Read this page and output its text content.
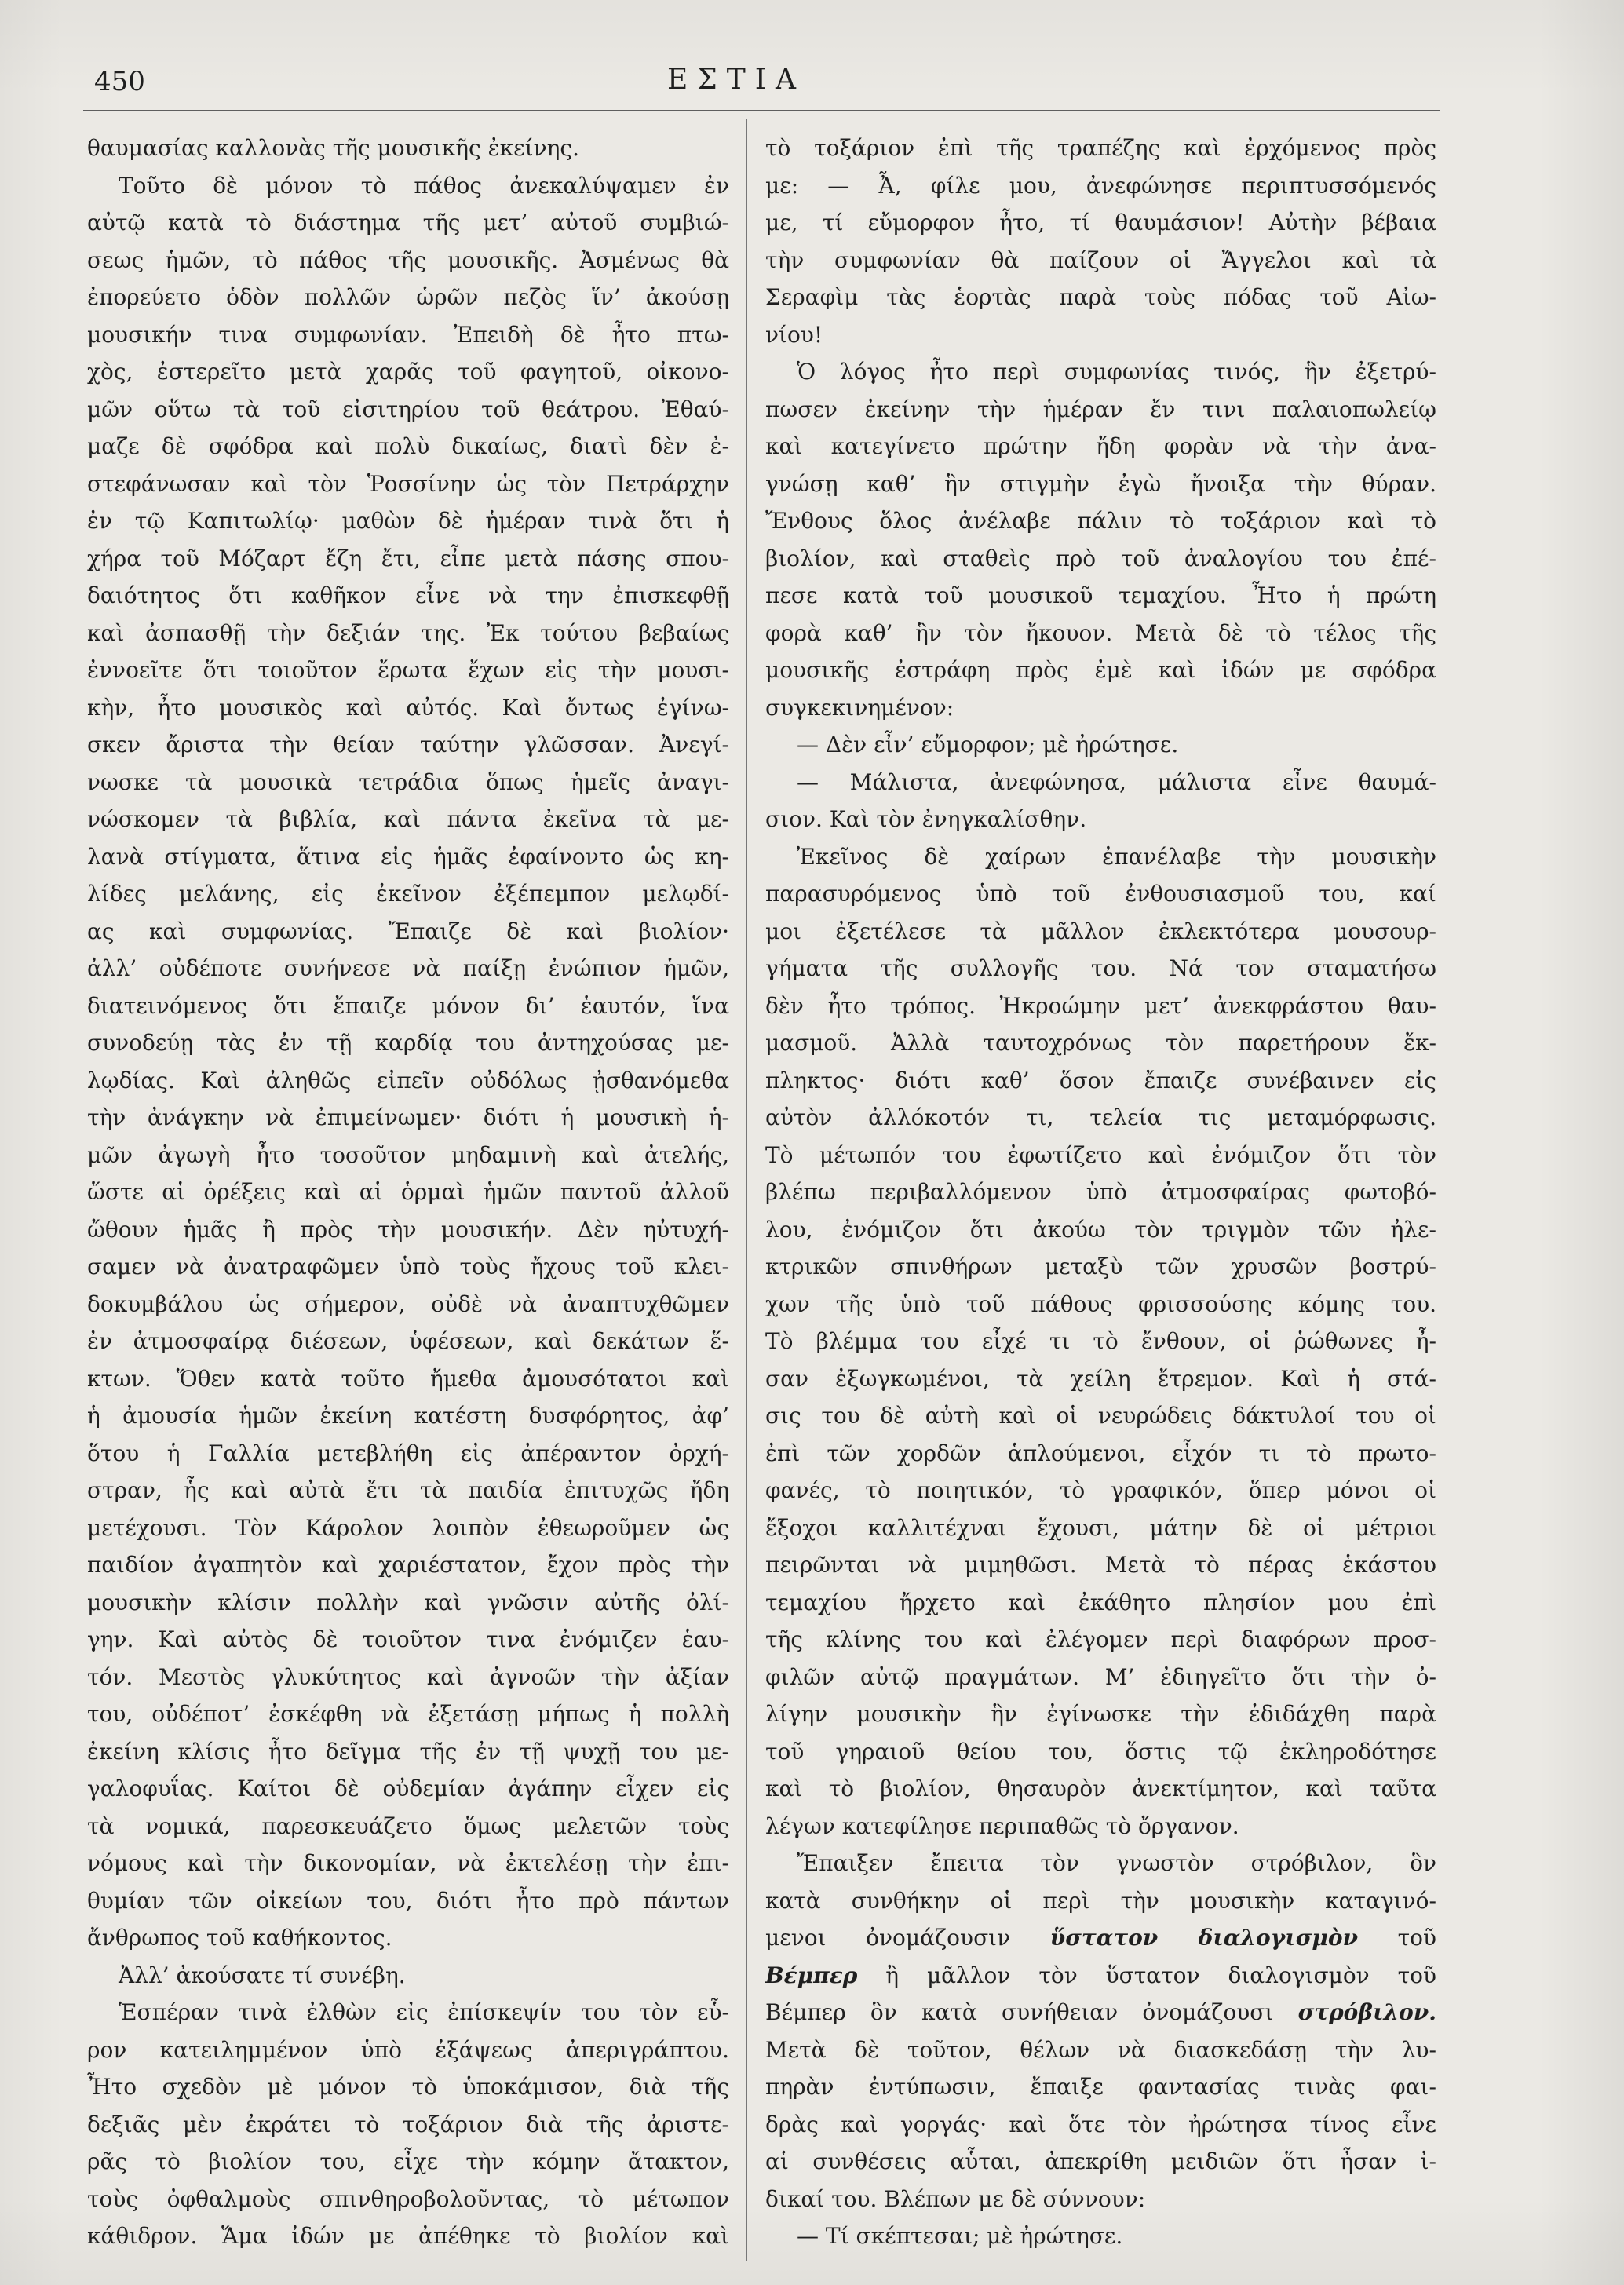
450	ΕΣΤΙΑ
θαυμασίας καλλονὰς τῆς μουσικῆς ἐκείνης.
Τοῦτο δὲ μόνον τὸ πάθος ἀνεκαλύψαμεν ἐν
αὐτῷ κατὰ τὸ διάστημα τῆς μετ’ αὐτοῦ συμβιώ-
σεως ἡμῶν, τὸ πάθος τῆς μουσικῆς. Ἀσμένως θὰ
ἐπορεύετο ὁδὸν πολλῶν ὡρῶν πεζὸς ἵν’ ἀκούσῃ
μουσικήν τινα συμφωνίαν. Ἐπειδὴ δὲ ἦτο πτω-
χὸς, ἐστερεῖτο μετὰ χαρᾶς τοῦ φαγητοῦ, οἰκονο-
μῶν οὕτω τὰ τοῦ εἰσιτηρίου τοῦ θεάτρου. Ἐθαύ-
μαζε δὲ σφόδρα καὶ πολὺ δικαίως, διατὶ δὲν ἐ-
στεφάνωσαν καὶ τὸν Ῥοσσίνην ὡς τὸν Πετράρχην
ἐν τῷ Καπιτωλίῳ· μαθὼν δὲ ἡμέραν τινὰ ὅτι ἡ
χήρα τοῦ Μόζαρτ ἔζη ἔτι, εἶπε μετὰ πάσης σπου-
δαιότητος ὅτι καθῆκον εἶνε νὰ την ἐπισκεφθῇ
καὶ ἀσπασθῇ τὴν δεξιάν της. Ἐκ τούτου βεβαίως
ἐννοεῖτε ὅτι τοιοῦτον ἔρωτα ἔχων εἰς τὴν μουσι-
κὴν, ἦτο μουσικὸς καὶ αὐτός. Καὶ ὄντως ἐγίνω-
σκεν ἄριστα τὴν θείαν ταύτην γλῶσσαν. Ἀνεγί-
νωσκε τὰ μουσικὰ τετράδια ὅπως ἡμεῖς ἀναγι-
νώσκομεν τὰ βιβλία, καὶ πάντα ἐκεῖνα τὰ με-
λανὰ στίγματα, ἅτινα εἰς ἡμᾶς ἐφαίνοντο ὡς κη-
λίδες μελάνης, εἰς ἐκεῖνον ἐξέπεμπον μελῳδί-
ας καὶ συμφωνίας. Ἔπαιζε δὲ καὶ βιολίον·
ἀλλ’ οὐδέποτε συνήνεσε νὰ παίξῃ ἐνώπιον ἡμῶν,
διατεινόμενος ὅτι ἔπαιζε μόνον δι’ ἑαυτόν, ἵνα
συνοδεύῃ τὰς ἐν τῇ καρδίᾳ του ἀντηχούσας με-
λῳδίας. Καὶ ἀληθῶς εἰπεῖν οὐδόλως ᾐσθανόμεθα
τὴν ἀνάγκην νὰ ἐπιμείνωμεν· διότι ἡ μουσικὴ ἡ-
μῶν ἀγωγὴ ἦτο τοσοῦτον μηδαμινὴ καὶ ἀτελής,
ὥστε αἱ ὀρέξεις καὶ αἱ ὁρμαὶ ἡμῶν παντοῦ ἀλλοῦ
ὤθουν ἡμᾶς ἢ πρὸς τὴν μουσικήν. Δὲν ηὐτυχή-
σαμεν νὰ ἀνατραφῶμεν ὑπὸ τοὺς ἤχους τοῦ κλει-
δοκυμβάλου ὡς σήμερον, οὐδὲ νὰ ἀναπτυχθῶμεν
ἐν ἀτμοσφαίρᾳ διέσεων, ὑφέσεων, καὶ δεκάτων ἕ-
κτων. Ὅθεν κατὰ τοῦτο ἤμεθα ἀμουσότατοι καὶ
ἡ ἀμουσία ἡμῶν ἐκείνη κατέστη δυσφόρητος, ἀφ’
ὅτου ἡ Γαλλία μετεβλήθη εἰς ἀπέραντον ὀρχή-
στραν, ἧς καὶ αὐτὰ ἔτι τὰ παιδία ἐπιτυχῶς ἤδη
μετέχουσι. Τὸν Κάρολον λοιπὸν ἐθεωροῦμεν ὡς
παιδίον ἀγαπητὸν καὶ χαριέστατον, ἔχον πρὸς τὴν
μουσικὴν κλίσιν πολλὴν καὶ γνῶσιν αὐτῆς ὀλί-
γην. Καὶ αὐτὸς δὲ τοιοῦτον τινα ἐνόμιζεν ἑαυ-
τόν. Μεστὸς γλυκύτητος καὶ ἀγνοῶν τὴν ἀξίαν
του, οὐδέποτ’ ἐσκέφθη νὰ ἐξετάσῃ μήπως ἡ πολλὴ
ἐκείνη κλίσις ἦτο δεῖγμα τῆς ἐν τῇ ψυχῇ του με-
γαλοφυΐας. Καίτοι δὲ οὐδεμίαν ἀγάπην εἶχεν εἰς
τὰ νομικά, παρεσκευάζετο ὅμως μελετῶν τοὺς
νόμους καὶ τὴν δικονομίαν, νὰ ἐκτελέσῃ τὴν ἐπι-
θυμίαν τῶν οἰκείων του, διότι ἦτο πρὸ πάντων
ἄνθρωπος τοῦ καθήκοντος.
Ἀλλ’ ἀκούσατε τί συνέβη.
Ἑσπέραν τινὰ ἐλθὼν εἰς ἐπίσκεψίν του τὸν εὗ-
ρον κατειλημμένον ὑπὸ ἐξάψεως ἀπεριγράπτου.
Ἦτο σχεδὸν μὲ μόνον τὸ ὑποκάμισον, διὰ τῆς
δεξιᾶς μὲν ἐκράτει τὸ τοξάριον διὰ τῆς ἀριστε-
ρᾶς τὸ βιολίον του, εἶχε τὴν κόμην ἄτακτον,
τοὺς ὀφθαλμοὺς σπινθηροβολοῦντας, τὸ μέτωπον
κάθιδρον. Ἅμα ἰδών με ἀπέθηκε τὸ βιολίον καὶ
τὸ τοξάριον ἐπὶ τῆς τραπέζης καὶ ἐρχόμενος πρὸς
με: — Ἆ, φίλε μου, ἀνεφώνησε περιπτυσσόμενός
με, τί εὔμορφον ἦτο, τί θαυμάσιον! Αὐτὴν βέβαια
τὴν συμφωνίαν θὰ παίζουν οἱ Ἄγγελοι καὶ τὰ
Σεραφὶμ τὰς ἑορτὰς παρὰ τοὺς πόδας τοῦ Αἰω-
νίου!
Ὁ λόγος ἦτο περὶ συμφωνίας τινός, ἣν ἐξετρύ-
πωσεν ἐκείνην τὴν ἡμέραν ἔν τινι παλαιοπωλείῳ
καὶ κατεγίνετο πρώτην ἤδη φορὰν νὰ τὴν ἀνα-
γνώσῃ καθ’ ἣν στιγμὴν ἐγὼ ἤνοιξα τὴν θύραν.
Ἔνθους ὅλος ἀνέλαβε πάλιν τὸ τοξάριον καὶ τὸ
βιολίον, καὶ σταθεὶς πρὸ τοῦ ἀναλογίου του ἐπέ-
πεσε κατὰ τοῦ μουσικοῦ τεμαχίου. Ἦτο ἡ πρώτη
φορὰ καθ’ ἣν τὸν ἤκουον. Μετὰ δὲ τὸ τέλος τῆς
μουσικῆς ἐστράφη πρὸς ἐμὲ καὶ ἰδών με σφόδρα
συγκεκινημένον:
— Δὲν εἶν’ εὔμορφον; μὲ ἠρώτησε.
— Μάλιστα, ἀνεφώνησα, μάλιστα εἶνε θαυμά-
σιον. Καὶ τὸν ἐνηγκαλίσθην.
Ἐκεῖνος δὲ χαίρων ἐπανέλαβε τὴν μουσικὴν
παρασυρόμενος ὑπὸ τοῦ ἐνθουσιασμοῦ του, καί
μοι ἐξετέλεσε τὰ μᾶλλον ἐκλεκτότερα μουσουρ-
γήματα τῆς συλλογῆς του. Νά τον σταματήσω
δὲν ἦτο τρόπος. Ἠκροώμην μετ’ ἀνεκφράστου θαυ-
μασμοῦ. Ἀλλὰ ταυτοχρόνως τὸν παρετήρουν ἔκ-
πληκτος· διότι καθ’ ὅσον ἔπαιζε συνέβαινεν εἰς
αὐτὸν ἀλλόκοτόν τι, τελεία τις μεταμόρφωσις.
Τὸ μέτωπόν του ἐφωτίζετο καὶ ἐνόμιζον ὅτι τὸν
βλέπω περιβαλλόμενον ὑπὸ ἀτμοσφαίρας φωτοβό-
λου, ἐνόμιζον ὅτι ἀκούω τὸν τριγμὸν τῶν ἠλε-
κτρικῶν σπινθήρων μεταξὺ τῶν χρυσῶν βοστρύ-
χων τῆς ὑπὸ τοῦ πάθους φρισσούσης κόμης του.
Τὸ βλέμμα του εἶχέ τι τὸ ἔνθουν, οἱ ῥώθωνες ἦ-
σαν ἐξωγκωμένοι, τὰ χείλη ἔτρεμον. Καὶ ἡ στά-
σις του δὲ αὐτὴ καὶ οἱ νευρώδεις δάκτυλοί του οἱ
ἐπὶ τῶν χορδῶν ἁπλούμενοι, εἶχόν τι τὸ πρωτο-
φανές, τὸ ποιητικόν, τὸ γραφικόν, ὅπερ μόνοι οἱ
ἔξοχοι καλλιτέχναι ἔχουσι, μάτην δὲ οἱ μέτριοι
πειρῶνται νὰ μιμηθῶσι. Μετὰ τὸ πέρας ἑκάστου
τεμαχίου ἤρχετο καὶ ἐκάθητο πλησίον μου ἐπὶ
τῆς κλίνης του καὶ ἐλέγομεν περὶ διαφόρων προσ-
φιλῶν αὐτῷ πραγμάτων. Μ’ ἐδιηγεῖτο ὅτι τὴν ὀ-
λίγην μουσικὴν ἣν ἐγίνωσκε τὴν ἐδιδάχθη παρὰ
τοῦ γηραιοῦ θείου του, ὅστις τῷ ἐκληροδότησε
καὶ τὸ βιολίον, θησαυρὸν ἀνεκτίμητον, καὶ ταῦτα
λέγων κατεφίλησε περιπαθῶς τὸ ὄργανον.
Ἔπαιξεν ἔπειτα τὸν γνωστὸν στρόβιλον, ὃν
κατὰ συνθήκην οἱ περὶ τὴν μουσικὴν καταγινό-
μενοι ὀνομάζουσιν ὕστατον διαλογισμὸν τοῦ
Βέμπερ ἢ μᾶλλον τὸν ὕστατον διαλογισμὸν τοῦ
Βέμπερ ὃν κατὰ συνήθειαν ὀνομάζουσι στρόβιλον.
Μετὰ δὲ τοῦτον, θέλων νὰ διασκεδάσῃ τὴν λυ-
πηρὰν ἐντύπωσιν, ἔπαιξε φαντασίας τινὰς φαι-
δρὰς καὶ γοργάς· καὶ ὅτε τὸν ἠρώτησα τίνος εἶνε
αἱ συνθέσεις αὗται, ἀπεκρίθη μειδιῶν ὅτι ἦσαν ἰ-
δικαί του. Βλέπων με δὲ σύννουν:
— Τί σκέπτεσαι; μὲ ἠρώτησε.
